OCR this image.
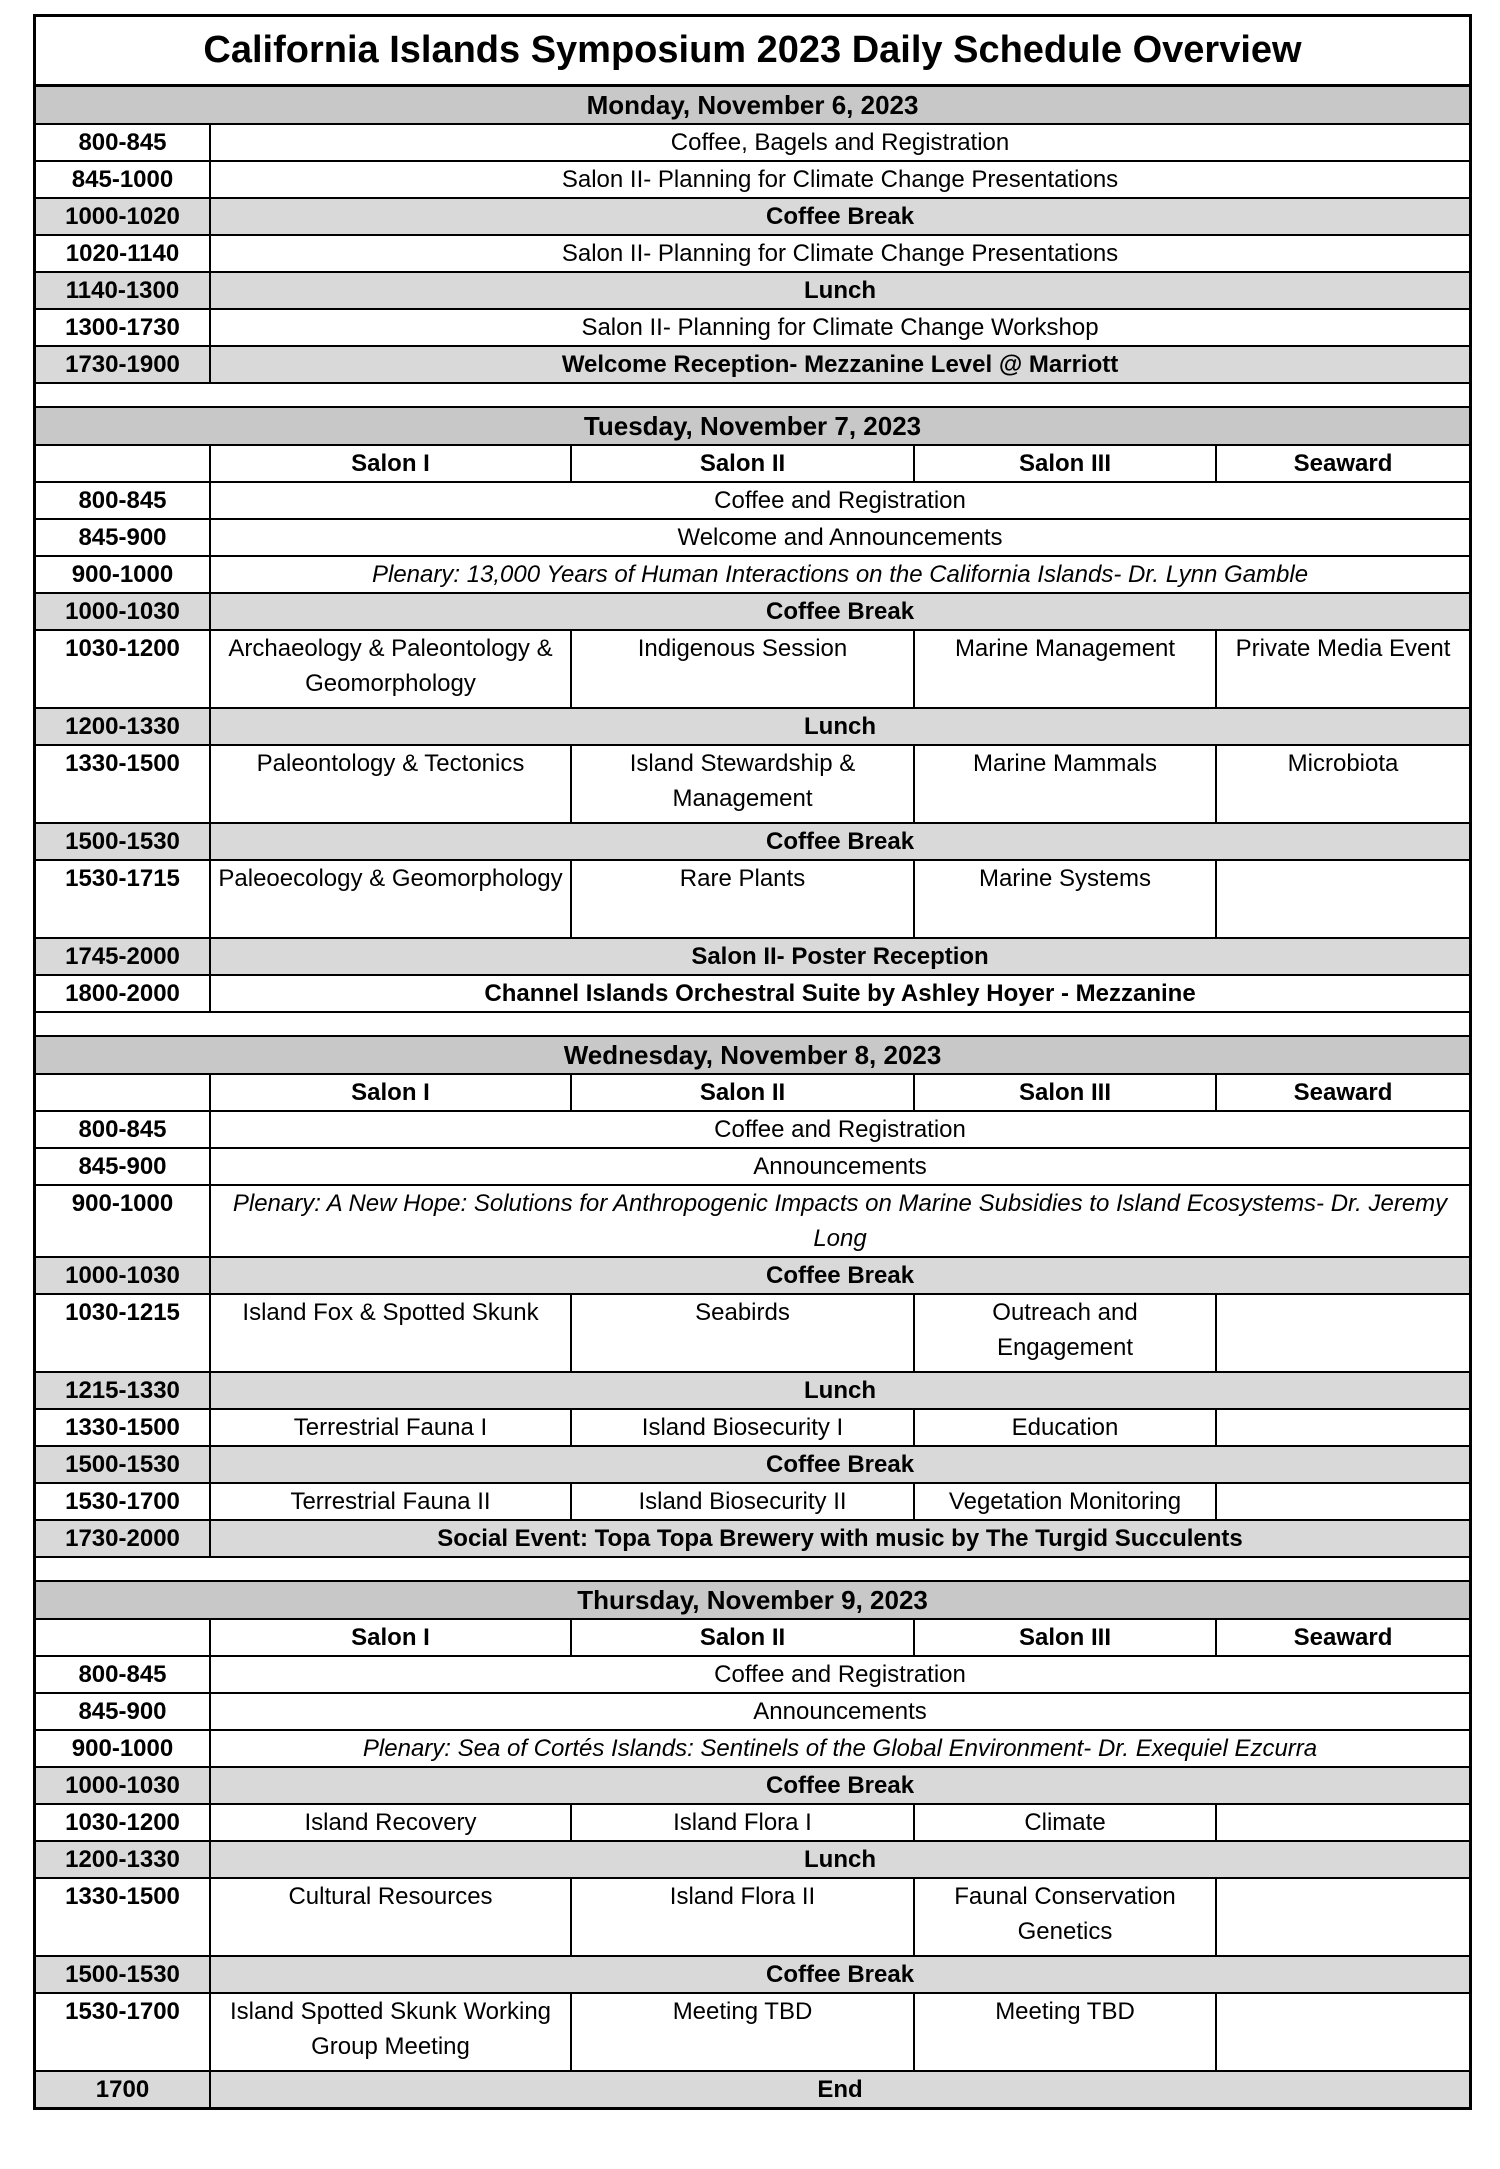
California Islands Symposium 2023 Daily Schedule Overview
Monday, November 6, 2023				
800-845	Coffee, Bagels and Registration			
845-1000	Salon II- Planning for Climate Change Presentations			
1000-1020	Coffee Break			
1020-1140	Salon II- Planning for Climate Change Presentations			
1140-1300	Lunch			
1300-1730	Salon II- Planning for Climate Change Workshop			
1730-1900	Welcome Reception- Mezzanine Level @ Marriott			

Tuesday, November 7, 2023				
	Salon I	Salon II	Salon III	Seaward
800-845	Coffee and Registration			
845-900	Welcome and Announcements			
900-1000	Plenary: 13,000 Years of Human Interactions on the California Islands- Dr. Lynn Gamble			
1000-1030	Coffee Break			
1030-1200	Archaeology & Paleontology & Geomorphology	Indigenous Session	Marine Management	Private Media Event
1200-1330	Lunch			
1330-1500	Paleontology & Tectonics	Island Stewardship & Management	Marine Mammals	Microbiota
1500-1530	Coffee Break			
1530-1715	Paleoecology & Geomorphology	Rare Plants	Marine Systems	
1745-2000	Salon II- Poster Reception			
1800-2000	Channel Islands Orchestral Suite by Ashley Hoyer - Mezzanine			

Wednesday, November 8, 2023				
	Salon I	Salon II	Salon III	Seaward
800-845	Coffee and Registration			
845-900	Announcements			
900-1000	Plenary: A New Hope: Solutions for Anthropogenic Impacts on Marine Subsidies to Island Ecosystems- Dr. Jeremy Long			
1000-1030	Coffee Break			
1030-1215	Island Fox & Spotted Skunk	Seabirds	Outreach and Engagement	
1215-1330	Lunch			
1330-1500	Terrestrial Fauna I	Island Biosecurity I	Education	
1500-1530	Coffee Break			
1530-1700	Terrestrial Fauna II	Island Biosecurity II	Vegetation Monitoring	
1730-2000	Social Event: Topa Topa Brewery with music by The Turgid Succulents			

Thursday, November 9, 2023				
	Salon I	Salon II	Salon III	Seaward
800-845	Coffee and Registration			
845-900	Announcements			
900-1000	Plenary: Sea of Cortés Islands: Sentinels of the Global Environment- Dr. Exequiel Ezcurra			
1000-1030	Coffee Break			
1030-1200	Island Recovery	Island Flora I	Climate	
1200-1330	Lunch			
1330-1500	Cultural Resources	Island Flora II	Faunal Conservation Genetics	
1500-1530	Coffee Break			
1530-1700	Island Spotted Skunk Working Group Meeting	Meeting TBD	Meeting TBD	
1700	End			
